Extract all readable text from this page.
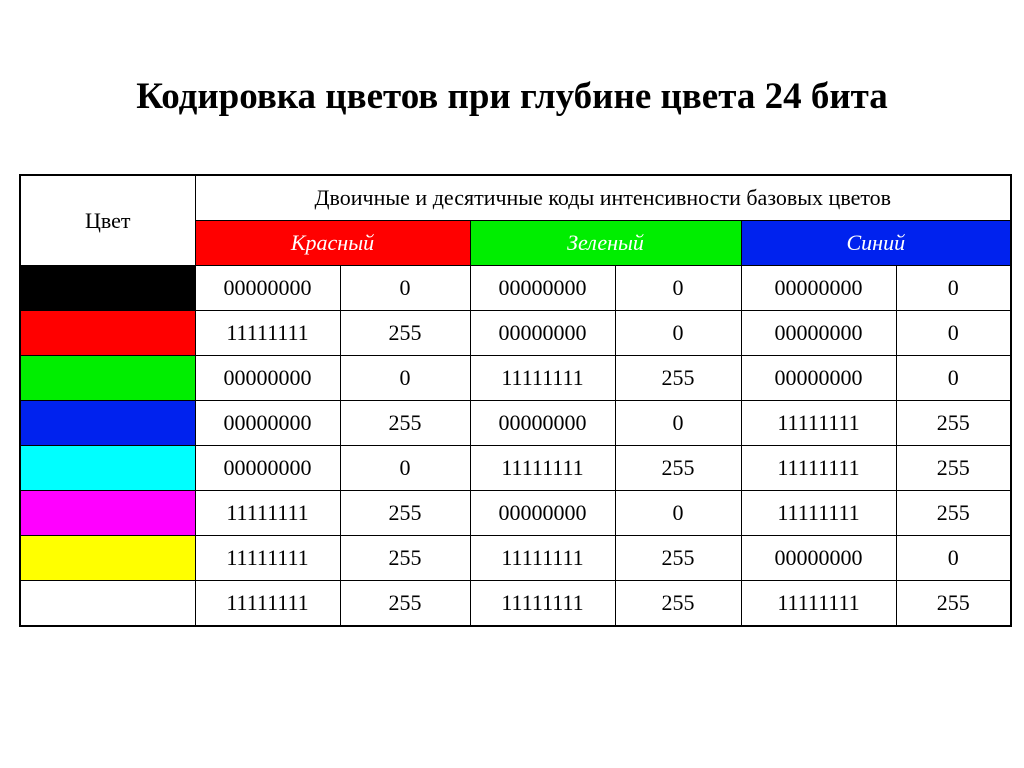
Кодировка цветов при глубине цвета 24 бита
Цвет	Двоичные и десятичные коды интенсивности базовых цветов					
	Красный		Зеленый		Синий	
	00000000	0	00000000	0	00000000	0
	11111111	255	00000000	0	00000000	0
	00000000	0	11111111	255	00000000	0
	00000000	255	00000000	0	11111111	255
	00000000	0	11111111	255	11111111	255
	11111111	255	00000000	0	11111111	255
	11111111	255	11111111	255	00000000	0
	11111111	255	11111111	255	11111111	255
